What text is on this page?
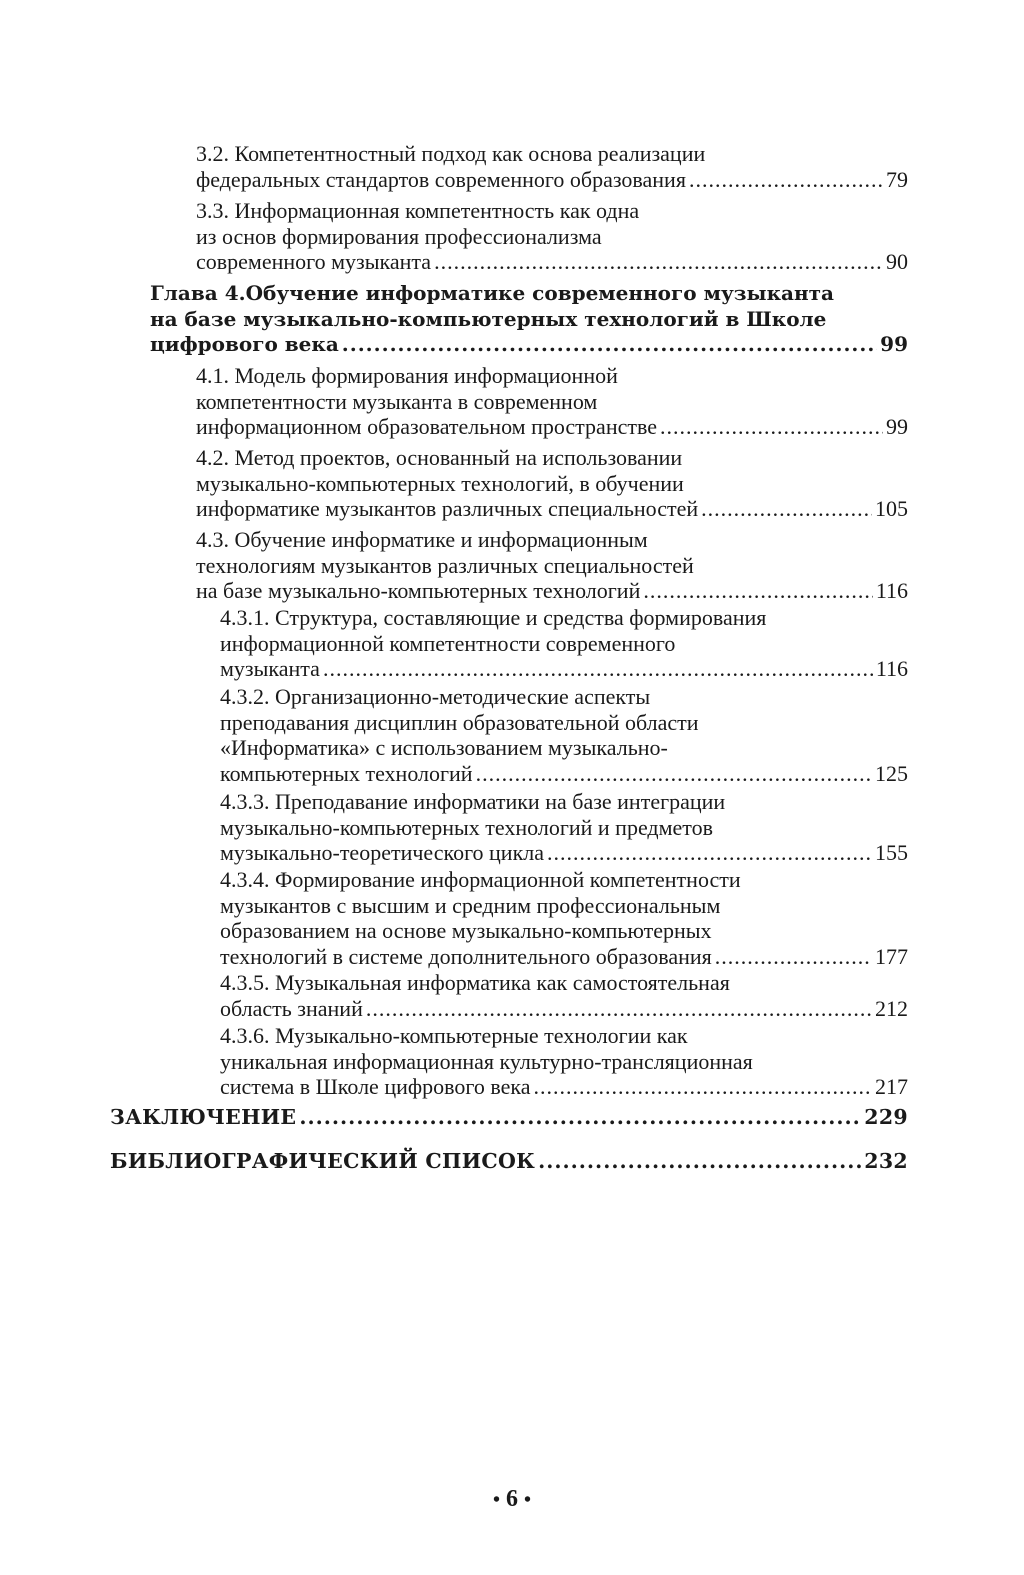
3.2. Компетентностный подход как основа реализации
федеральных стандартов современного образования .....	79
3.3. Информационная компетентность как одна
из основ формирования профессионализма
современного музыканта .....	90
Глава 4.Обучение информатике современного музыканта
на базе музыкально-компьютерных технологий в Школе
цифрового века .....	99
4.1. Модель формирования информационной
компетентности музыканта в современном
информационном образовательном пространстве .....	99
4.2. Метод проектов, основанный на использовании
музыкально-компьютерных технологий, в обучении
информатике музыкантов различных специальностей .....	105
4.3. Обучение информатике и информационным
технологиям музыкантов различных специальностей
на базе музыкально-компьютерных технологий .....	116
4.3.1. Структура, составляющие и средства формирования
информационной компетентности современного
музыканта .....	116
4.3.2. Организационно-методические аспекты
преподавания дисциплин образовательной области
«Информатика» с использованием музыкально-
компьютерных технологий .....	125
4.3.3. Преподавание информатики на базе интеграции
музыкально-компьютерных технологий и предметов
музыкально-теоретического цикла .....	155
4.3.4. Формирование информационной компетентности
музыкантов с высшим и средним профессиональным
образованием на основе музыкально-компьютерных
технологий в системе дополнительного образования .....	177
4.3.5. Музыкальная информатика как самостоятельная
область знаний .....	212
4.3.6. Музыкально-компьютерные технологии как
уникальная информационная культурно-трансляционная
система в Школе цифрового века .....	217
ЗАКЛЮЧЕНИЕ .....	229
БИБЛИОГРАФИЧЕСКИЙ СПИСОК .....	232
• 6 •
